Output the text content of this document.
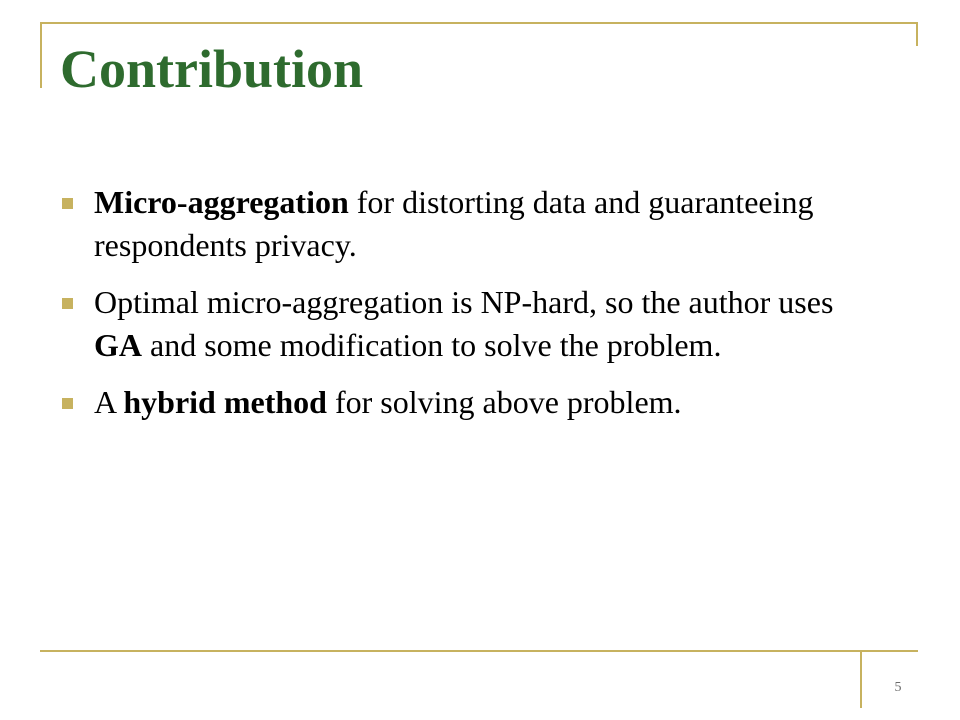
Contribution
Micro-aggregation for distorting data and guaranteeing respondents privacy.
Optimal micro-aggregation is NP-hard, so the author uses GA and some modification to solve the problem.
A hybrid method for solving above problem.
5
